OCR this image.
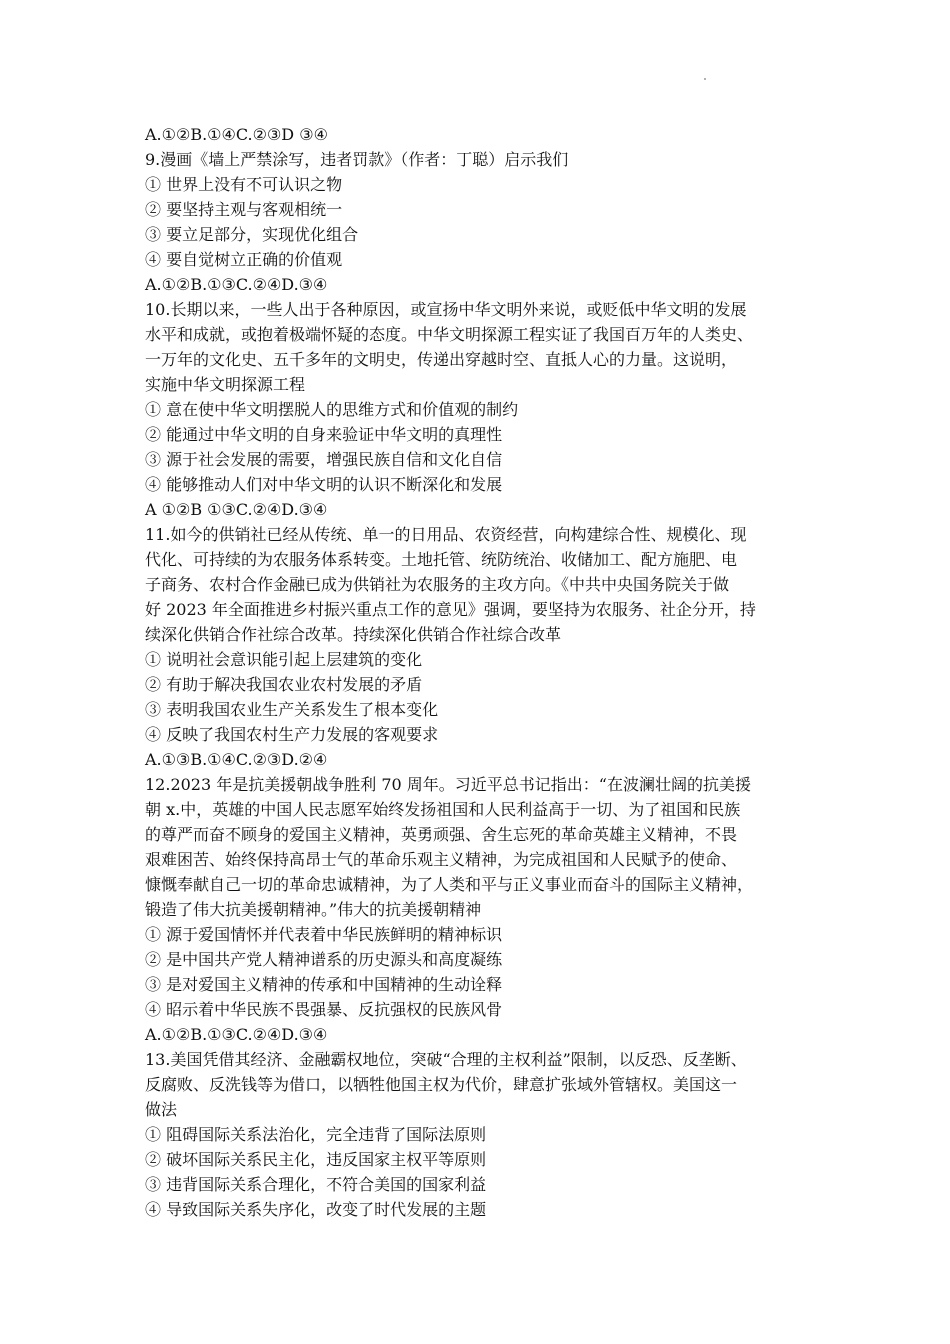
A.①②B.①④C.②③D ③④
9.漫画《墙上严禁涂写，违者罚款》（作者：丁聪）启示我们
① 世界上没有不可认识之物
② 要坚持主观与客观相统一
③ 要立足部分，实现优化组合
④ 要自觉树立正确的价值观
A.①②B.①③C.②④D.③④
10.长期以来，一些人出于各种原因，或宣扬中华文明外来说，或贬低中华文明的发展
水平和成就，或抱着极端怀疑的态度。中华文明探源工程实证了我国百万年的人类史、
一万年的文化史、五千多年的文明史，传递出穿越时空、直抵人心的力量。这说明，
实施中华文明探源工程
① 意在使中华文明摆脱人的思维方式和价值观的制约
② 能通过中华文明的自身来验证中华文明的真理性
③ 源于社会发展的需要，增强民族自信和文化自信
④ 能够推动人们对中华文明的认识不断深化和发展
A ①②B ①③C.②④D.③④
11.如今的供销社已经从传统、单一的日用品、农资经营，向构建综合性、规模化、现
代化、可持续的为农服务体系转变。土地托管、统防统治、收储加工、配方施肥、电
子商务、农村合作金融已成为供销社为农服务的主攻方向。《中共中央国务院关于做
好 2023 年全面推进乡村振兴重点工作的意见》强调，要坚持为农服务、社企分开，持
续深化供销合作社综合改革。持续深化供销合作社综合改革
① 说明社会意识能引起上层建筑的变化
② 有助于解决我国农业农村发展的矛盾
③ 表明我国农业生产关系发生了根本变化
④ 反映了我国农村生产力发展的客观要求
A.①③B.①④C.②③D.②④
12.2023 年是抗美援朝战争胜利 70 周年。习近平总书记指出：“在波澜壮阔的抗美援
朝 x.中，英雄的中国人民志愿军始终发扬祖国和人民利益高于一切、为了祖国和民族
的尊严而奋不顾身的爱国主义精神，英勇顽强、舍生忘死的革命英雄主义精神，不畏
艰难困苦、始终保持高昂士气的革命乐观主义精神，为完成祖国和人民赋予的使命、
慷慨奉献自己一切的革命忠诚精神，为了人类和平与正义事业而奋斗的国际主义精神，
锻造了伟大抗美援朝精神。”伟大的抗美援朝精神
① 源于爱国情怀并代表着中华民族鲜明的精神标识
② 是中国共产党人精神谱系的历史源头和高度凝练
③ 是对爱国主义精神的传承和中国精神的生动诠释
④ 昭示着中华民族不畏强暴、反抗强权的民族风骨
A.①②B.①③C.②④D.③④
13.美国凭借其经济、金融霸权地位，突破“合理的主权利益”限制，以反恐、反垄断、
反腐败、反洗钱等为借口，以牺牲他国主权为代价，肆意扩张域外管辖权。美国这一
做法
① 阻碍国际关系法治化，完全违背了国际法原则
② 破坏国际关系民主化，违反国家主权平等原则
③ 违背国际关系合理化，不符合美国的国家利益
④ 导致国际关系失序化，改变了时代发展的主题
